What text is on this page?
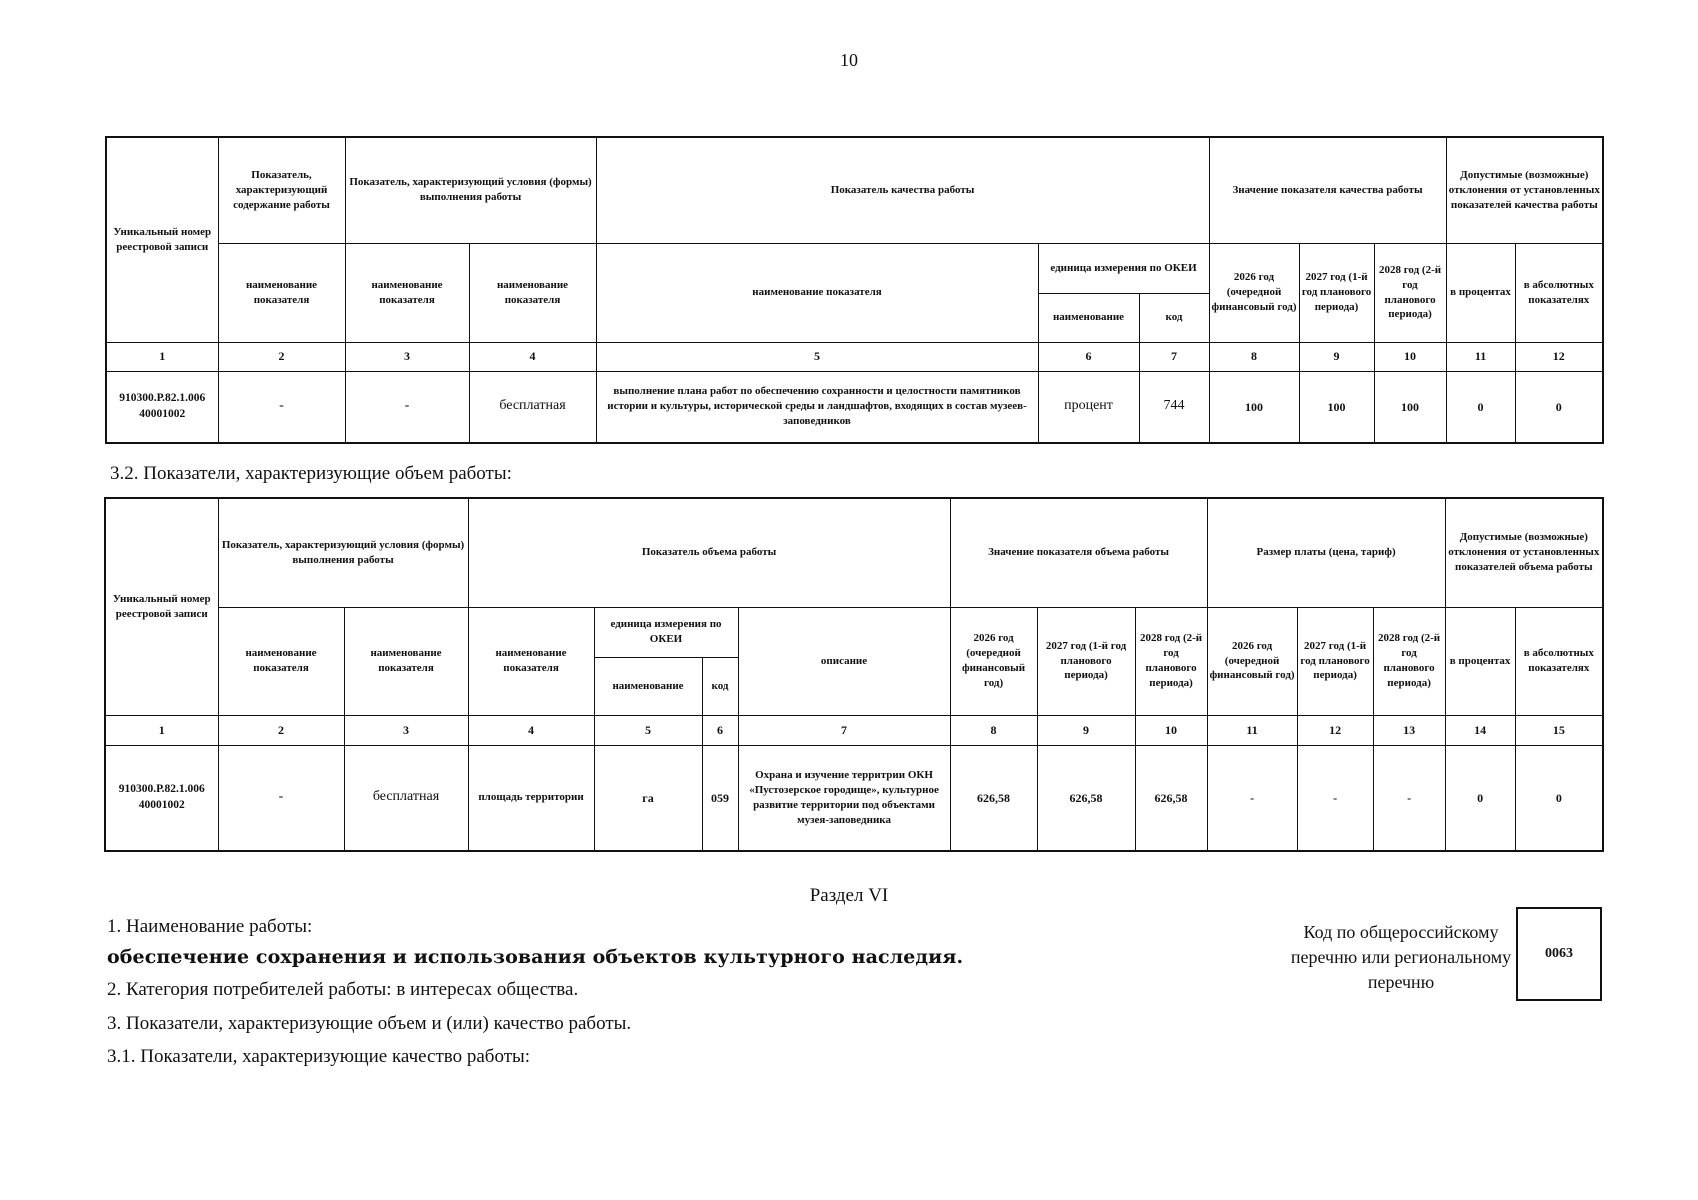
10
Уникальный номер реестровой записи	Показатель, характеризующий содержание работы	Показатель, характеризующий условия (формы) выполнения работы		Показатель качества работы			Значение показателя качества работы			Допустимые (возможные) отклонения от установленных показателей качества работы	
	наименование показателя	наименование показателя	наименование показателя	наименование показателя	единица измерения по ОКЕИ		2026 год (очередной финансовый год)	2027 год (1-й год планового периода)	2028 год (2-й год планового периода)	в процентах	в абсолютных показателях
					наименование	код					
1	2	3	4	5	6	7	8	9	10	11	12
910300.Р.82.1.006 40001002	-	-	бесплатная	выполнение плана работ по обеспечению сохранности и целостности памятников истории и культуры, исторической среды и ландшафтов, входящих в состав музеев-заповедников	процент	744	100	100	100	0	0
3.2. Показатели, характеризующие объем работы:
Уникальный номер реестровой записи	Показатель, характеризующий условия (формы) выполнения работы		Показатель объема работы				Значение показателя объема работы			Размер платы (цена, тариф)			Допустимые (возможные) отклонения от установленных показателей объема работы	
	наименование показателя	наименование показателя	наименование показателя	единица измерения по ОКЕИ		описание	2026 год (очередной финансовый год)	2027 год (1-й год планового периода)	2028 год (2-й год планового периода)	2026 год (очередной финансовый год)	2027 год (1-й год планового периода)	2028 год (2-й год планового периода)	в процентах	в абсолютных показателях
				наименование	код									
1	2	3	4	5	6	7	8	9	10	11	12	13	14	15
910300.Р.82.1.006 40001002	-	бесплатная	площадь территории	га	059	Охрана и изучение территрии ОКН «Пустозерское городище», культурное развитие территории под объектами музея-заповедника	626,58	626,58	626,58	-	-	-	0	0
Раздел VI
1. Наименование работы:
обеспечение сохранения и использования объектов культурного наследия.
2. Категория потребителей работы: в интересах общества.
3. Показатели, характеризующие объем и (или) качество работы.
3.1. Показатели, характеризующие качество работы:
Код по общероссийскому перечню или региональному перечню
0063
